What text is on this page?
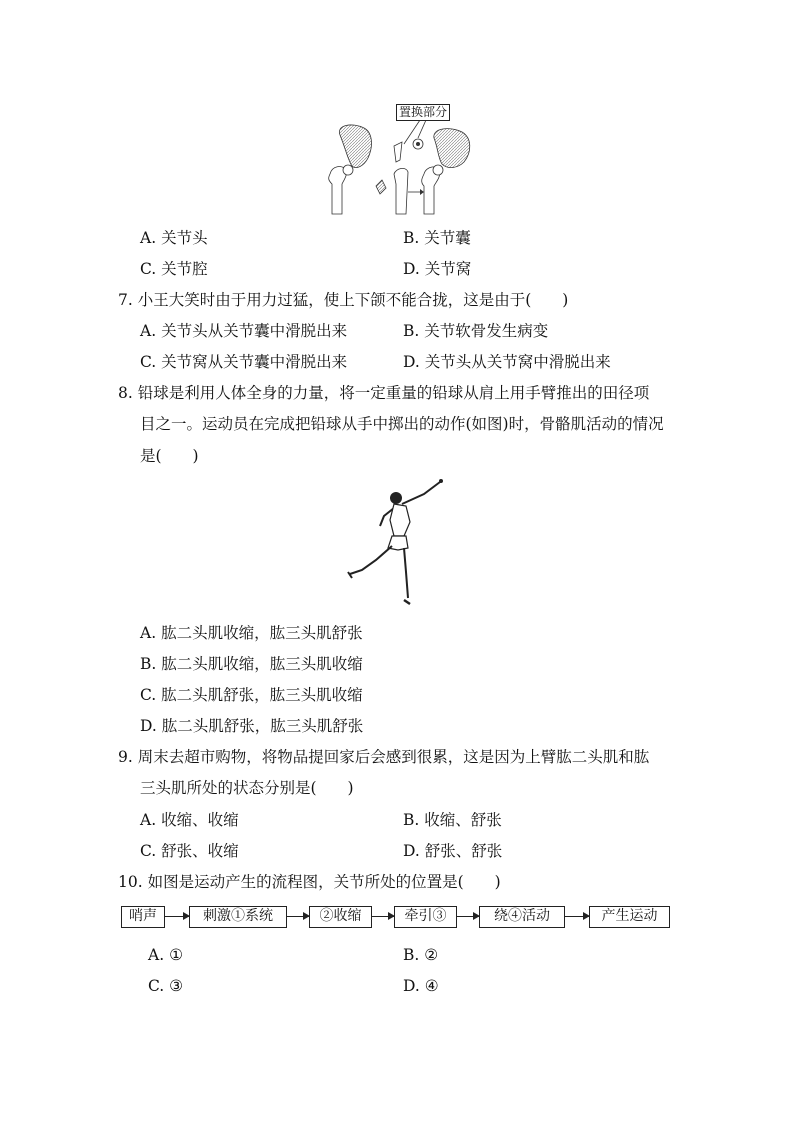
置换部分
A. 关节头	B. 关节囊
C. 关节腔	D. 关节窝
7. 小王大笑时由于用力过猛，使上下颌不能合拢，这是由于(　　)
A. 关节头从关节囊中滑脱出来	B. 关节软骨发生病变
C. 关节窝从关节囊中滑脱出来	D. 关节头从关节窝中滑脱出来
8. 铅球是利用人体全身的力量，将一定重量的铅球从肩上用手臂推出的田径项
目之一。运动员在完成把铅球从手中掷出的动作(如图)时，骨骼肌活动的情况
是(　　)
A. 肱二头肌收缩，肱三头肌舒张
B. 肱二头肌收缩，肱三头肌收缩
C. 肱二头肌舒张，肱三头肌收缩
D. 肱二头肌舒张，肱三头肌舒张
9. 周末去超市购物，将物品提回家后会感到很累，这是因为上臂肱二头肌和肱
三头肌所处的状态分别是(　　)
A. 收缩、收缩	B. 收缩、舒张
C. 舒张、收缩	D. 舒张、舒张
10. 如图是运动产生的流程图，关节所处的位置是(　　)
哨声	刺激①系统	②收缩	牵引③	绕④活动	产生运动
A. ①	B. ②
C. ③	D. ④
